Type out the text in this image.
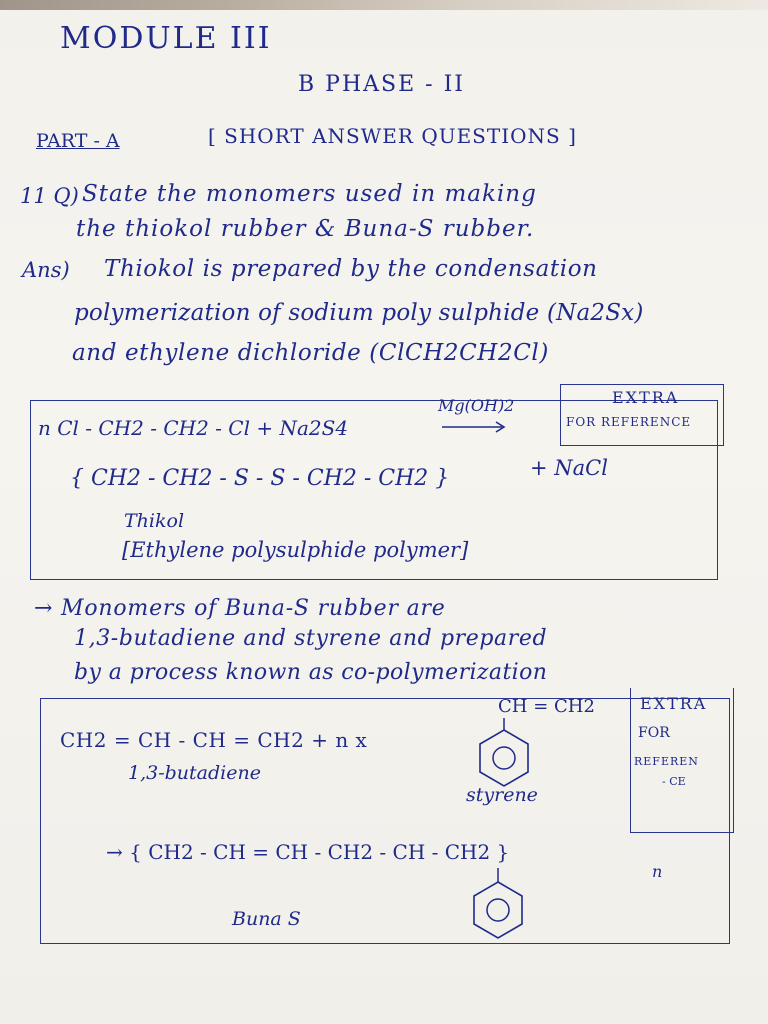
MODULE III
B PHASE - II
PART - A	[ SHORT ANSWER QUESTIONS ]
11 Q) State the monomers used in making
the thiokol rubber & Buna-S rubber.
Ans) Thiokol is prepared by the condensation
polymerization of sodium poly sulphide (Na2Sx)
and ethylene dichloride (ClCH2CH2Cl)
EXTRA
FOR REFERENCE
n Cl - CH2 - CH2 - Cl + Na2S4
Mg(OH)2
{ CH2 - CH2 - S - S - CH2 - CH2 }	+ NaCl
Thikol
[Ethylene polysulphide polymer]
→ Monomers of Buna-S rubber are
1,3-butadiene and styrene and prepared
by a process known as co-polymerization
EXTRA
FOR
REFEREN
- CE
CH2 = CH - CH = CH2 + n x
1,3-butadiene
CH = CH2
styrene
→ { CH2 - CH = CH - CH2 - CH - CH2 }
n
Buna S
